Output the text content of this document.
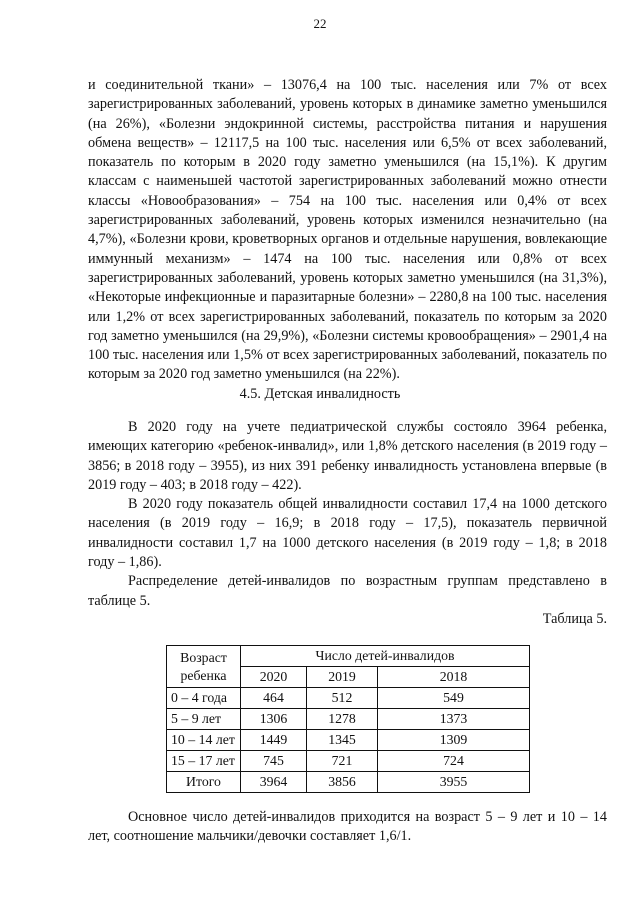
22

и соединительной ткани» – 13076,4 на 100 тыс. населения или 7% от всех зарегистрированных заболеваний, уровень которых в динамике заметно уменьшился (на 26%), «Болезни эндокринной системы, расстройства питания и нарушения обмена веществ» – 12117,5 на 100 тыс. населения или 6,5% от всех заболеваний, показатель по которым в 2020 году заметно уменьшился (на 15,1%). К другим классам с наименьшей частотой зарегистрированных заболеваний можно отнести классы «Новообразования» – 754 на 100 тыс. населения или 0,4% от всех зарегистрированных заболеваний, уровень которых изменился незначительно (на 4,7%), «Болезни крови, кроветворных органов и отдельные нарушения, вовлекающие иммунный механизм» – 1474 на 100 тыс. населения или 0,8% от всех зарегистрированных заболеваний, уровень которых заметно уменьшился (на 31,3%), «Некоторые инфекционные и паразитарные болезни» – 2280,8 на 100 тыс. населения или 1,2% от всех зарегистрированных заболеваний, показатель по которым за 2020 год заметно уменьшился (на 29,9%), «Болезни системы кровообращения» – 2901,4 на 100 тыс. населения или 1,5% от всех зарегистрированных заболеваний, показатель по которым за 2020 год заметно уменьшился (на 22%).

4.5. Детская инвалидность

В 2020 году на учете педиатрической службы состояло 3964 ребенка, имеющих категорию «ребенок-инвалид», или 1,8% детского населения (в 2019 году – 3856; в 2018 году – 3955), из них 391 ребенку инвалидность установлена впервые (в 2019 году – 403; в 2018 году – 422).

В 2020 году показатель общей инвалидности составил 17,4 на 1000 детского населения (в 2019 году – 16,9; в 2018 году – 17,5), показатель первичной инвалидности составил 1,7 на 1000 детского населения (в 2019 году – 1,8; в 2018 году – 1,86).

Распределение детей-инвалидов по возрастным группам представлено в таблице 5.

Таблица 5.
Возраст ребенка	Число детей-инвалидов		
	2020	2019	2018
0 – 4 года	464	512	549
5 – 9 лет	1306	1278	1373
10 – 14 лет	1449	1345	1309
15 – 17 лет	745	721	724
Итого	3964	3856	3955

Основное число детей-инвалидов приходится на возраст 5 – 9 лет и 10 – 14 лет, соотношение мальчики/девочки составляет 1,6/1.
